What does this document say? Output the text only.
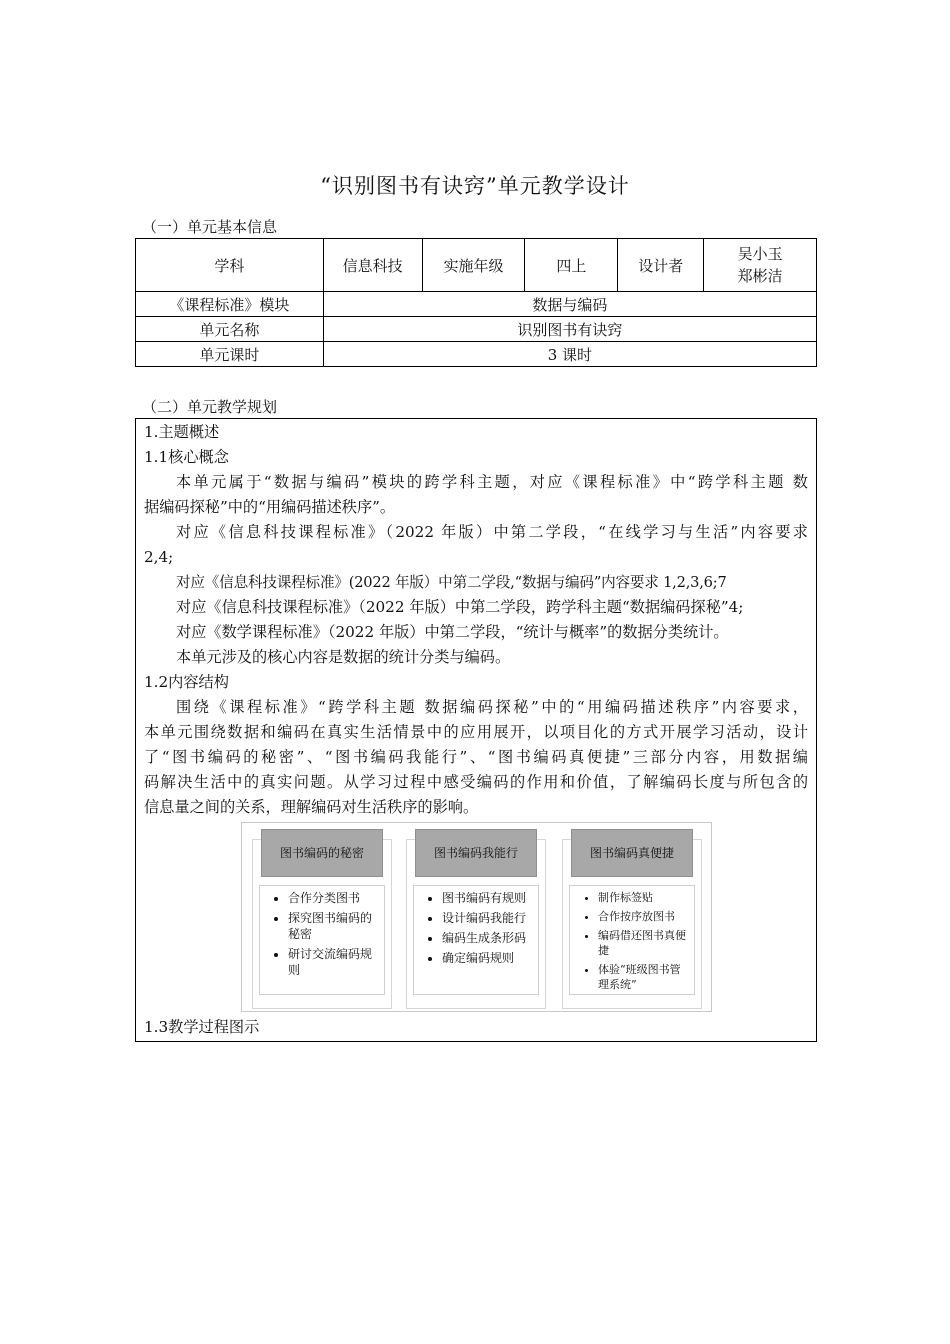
“识别图书有诀窍”单元教学设计
（一）单元基本信息
学科	信息科技	实施年级	四上	设计者	吴小玉
郑彬洁

《课程标准》模块	数据与编码				
单元名称	识别图书有诀窍				
单元课时	3 课时				
（二）单元教学规划
1.主题概述
1.1核心概念
本单元属于“数据与编码”模块的跨学科主题，对应《课程标准》中“跨学科主题 数
据编码探秘”中的“用编码描述秩序”。
对应《信息科技课程标准》（2022 年版）中第二学段，“在线学习与生活”内容要求
2,4;
对应《信息科技课程标准》(2022 年版）中第二学段,“数据与编码”内容要求 1,2,3,6;7
对应《信息科技课程标准》（2022 年版）中第二学段，跨学科主题“数据编码探秘”4;
对应《数学课程标准》（2022 年版）中第二学段，“统计与概率”的数据分类统计。
本单元涉及的核心内容是数据的统计分类与编码。
1.2内容结构
围绕《课程标准》“跨学科主题 数据编码探秘”中的“用编码描述秩序”内容要求，
本单元围绕数据和编码在真实生活情景中的应用展开，以项目化的方式开展学习活动，设计
了“图书编码的秘密”、“图书编码我能行”、“图书编码真便捷”三部分内容，用数据编
码解决生活中的真实问题。从学习过程中感受编码的作用和价值，了解编码长度与所包含的
信息量之间的关系，理解编码对生活秩序的影响。
图书编码的秘密
• 合作分类图书
• 探究图书编码的秘密
• 研讨交流编码规则
图书编码我能行
• 图书编码有规则
• 设计编码我能行
• 编码生成条形码
• 确定编码规则
图书编码真便捷
• 制作标签贴
• 合作按序放图书
• 编码借还图书真便捷
• 体验“班级图书管理系统”
1.3教学过程图示
